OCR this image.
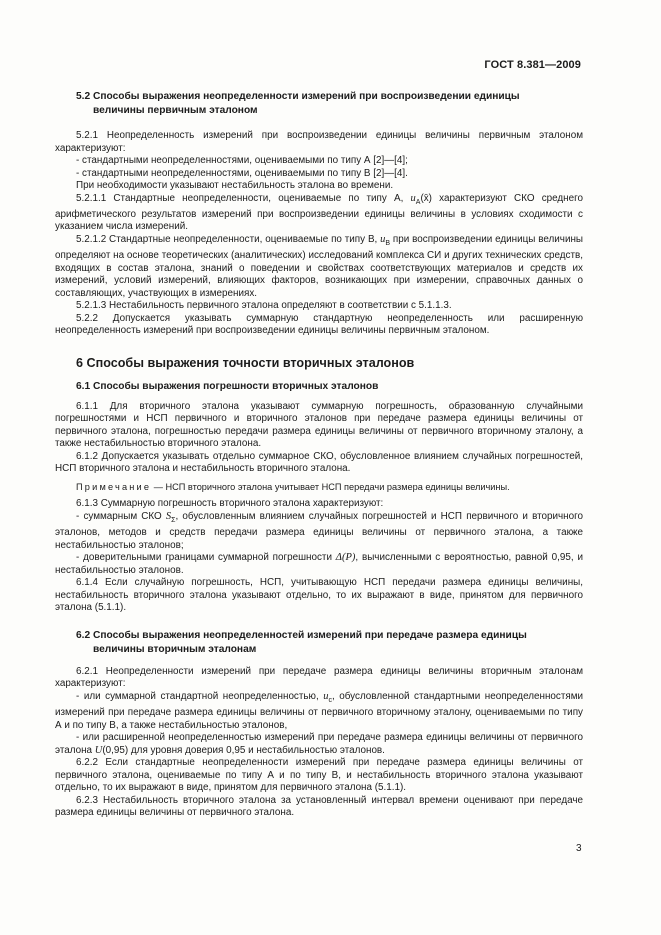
ГОСТ 8.381—2009
5.2 Способы выражения неопределенности измерений при воспроизведении единицы
величины первичным эталоном

5.2.1 Неопределенность измерений при воспроизведении единицы величины первичным эталоном характеризуют:

- стандартными неопределенностями, оцениваемыми по типу А [2]—[4];

- стандартными неопределенностями, оцениваемыми по типу В [2]—[4].

При необходимости указывают нестабильность эталона во времени.

5.2.1.1 Стандартные неопределенности, оцениваемые по типу А, $u_A(x̄)$ характеризуют СКО среднего арифметического результатов измерений при воспроизведении единицы величины в условиях сходимости с указанием числа измерений.

5.2.1.2 Стандартные неопределенности, оцениваемые по типу В, $u_B$ при воспроизведении единицы величины определяют на основе теоретических (аналитических) исследований комплекса СИ и других технических средств, входящих в состав эталона, знаний о поведении и свойствах соответствующих материалов и средств их измерений, условий измерений, влияющих факторов, возникающих при измерении, справочных данных о составляющих, участвующих в измерениях.

5.2.1.3 Нестабильность первичного эталона определяют в соответствии с 5.1.1.3.

5.2.2 Допускается указывать суммарную стандартную неопределенность или расширенную неопределенность измерений при воспроизведении единицы величины первичным эталоном.

6 Способы выражения точности вторичных эталонов
6.1 Способы выражения погрешности вторичных эталонов

6.1.1 Для вторичного эталона указывают суммарную погрешность, образованную случайными погрешностями и НСП первичного и вторичного эталонов при передаче размера единицы величины от первичного эталона, погрешностью передачи размера единицы величины от первичного вторичному эталону, а также нестабильностью вторичного эталона.

6.1.2 Допускается указывать отдельно суммарное СКО, обусловленное влиянием случайных погрешностей, НСП вторичного эталона и нестабильность вторичного эталона.

Примечание — НСП вторичного эталона учитывает НСП передачи размера единицы величины.

6.1.3 Суммарную погрешность вторичного эталона характеризуют:

- суммарным СКО $S_\Sigma$, обусловленным влиянием случайных погрешностей и НСП первичного и вторичного эталонов, методов и средств передачи размера единицы величины от первичного эталона, а также нестабильностью эталонов;

- доверительными границами суммарной погрешности Δ(P), вычисленными с вероятностью, равной 0,95, и нестабильностью эталонов.

6.1.4 Если случайную погрешность, НСП, учитывающую НСП передачи размера единицы величины, нестабильность вторичного эталона указывают отдельно, то их выражают в виде, принятом для первичного эталона (5.1.1).

6.2 Способы выражения неопределенностей измерений при передаче размера единицы
величины вторичным эталонам

6.2.1 Неопределенности измерений при передаче размера единицы величины вторичным эталонам характеризуют:

- или суммарной стандартной неопределенностью, $u_c$, обусловленной стандартными неопределенностями измерений при передаче размера единицы величины от первичного вторичному эталону, оцениваемыми по типу А и по типу В, а также нестабильностью эталонов,

- или расширенной неопределенностью измерений при передаче размера единицы величины от первичного эталона U(0,95) для уровня доверия 0,95 и нестабильностью эталонов.

6.2.2 Если стандартные неопределенности измерений при передаче размера единицы величины от первичного эталона, оцениваемые по типу А и по типу В, и нестабильность вторичного эталона указывают отдельно, то их выражают в виде, принятом для первичного эталона (5.1.1).

6.2.3 Нестабильность вторичного эталона за установленный интервал времени оценивают при передаче размера единицы величины от первичного эталона.

3
